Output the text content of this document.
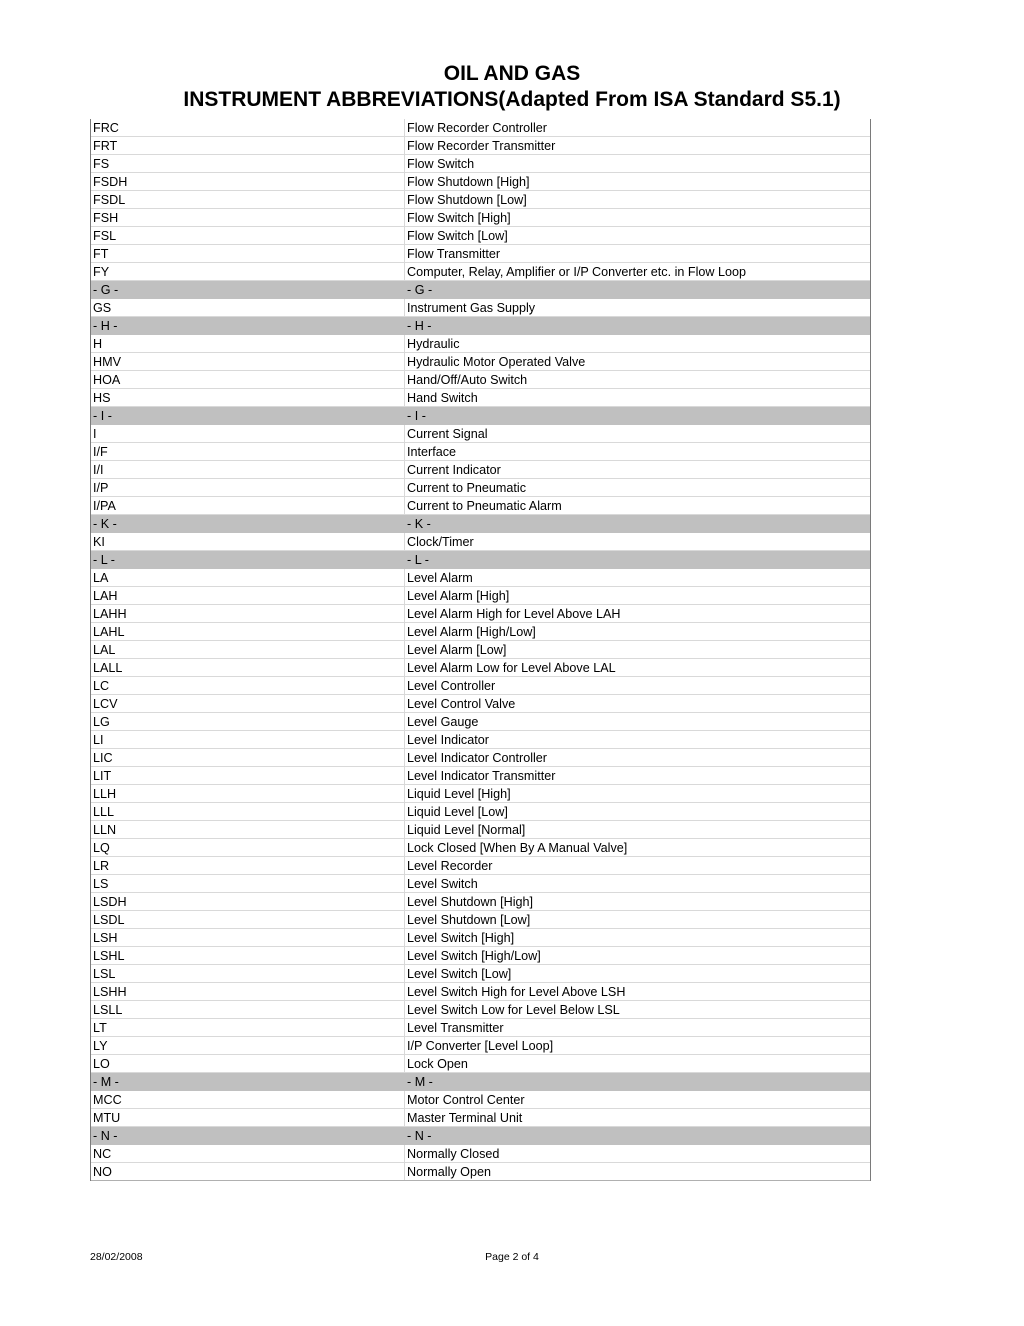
OIL AND GAS
INSTRUMENT ABBREVIATIONS(Adapted From ISA Standard S5.1)
FRC	Flow Recorder Controller
FRT	Flow Recorder Transmitter
FS	Flow Switch
FSDH	Flow Shutdown [High]
FSDL	Flow Shutdown [Low]
FSH	Flow Switch [High]
FSL	Flow Switch [Low]
FT	Flow Transmitter
FY	Computer, Relay, Amplifier or I/P Converter etc. in Flow Loop
- G -	- G -
GS	Instrument Gas Supply
- H -	- H -
H	Hydraulic
HMV	Hydraulic Motor Operated Valve
HOA	Hand/Off/Auto Switch
HS	Hand Switch
- I -	- I -
I	Current Signal
I/F	Interface
I/I	Current Indicator
I/P	Current to Pneumatic
I/PA	Current to Pneumatic Alarm
- K -	- K -
KI	Clock/Timer
- L -	- L -
LA	Level Alarm
LAH	Level Alarm [High]
LAHH	Level Alarm High for Level Above LAH
LAHL	Level Alarm [High/Low]
LAL	Level Alarm [Low]
LALL	Level Alarm Low for Level Above LAL
LC	Level Controller
LCV	Level Control Valve
LG	Level Gauge
LI	Level Indicator
LIC	Level Indicator Controller
LIT	Level Indicator Transmitter
LLH	Liquid Level [High]
LLL	Liquid Level [Low]
LLN	Liquid Level [Normal]
LQ	Lock Closed [When By A Manual Valve]
LR	Level Recorder
LS	Level Switch
LSDH	Level Shutdown [High]
LSDL	Level Shutdown [Low]
LSH	Level Switch [High]
LSHL	Level Switch [High/Low]
LSL	Level Switch [Low]
LSHH	Level Switch High for Level Above LSH
LSLL	Level Switch Low for Level Below LSL
LT	Level Transmitter
LY	I/P Converter [Level Loop]
LO	Lock Open
- M -	- M -
MCC	Motor Control Center
MTU	Master Terminal Unit
- N -	- N -
NC	Normally Closed
NO	Normally Open
28/02/2008	Page 2 of 4
